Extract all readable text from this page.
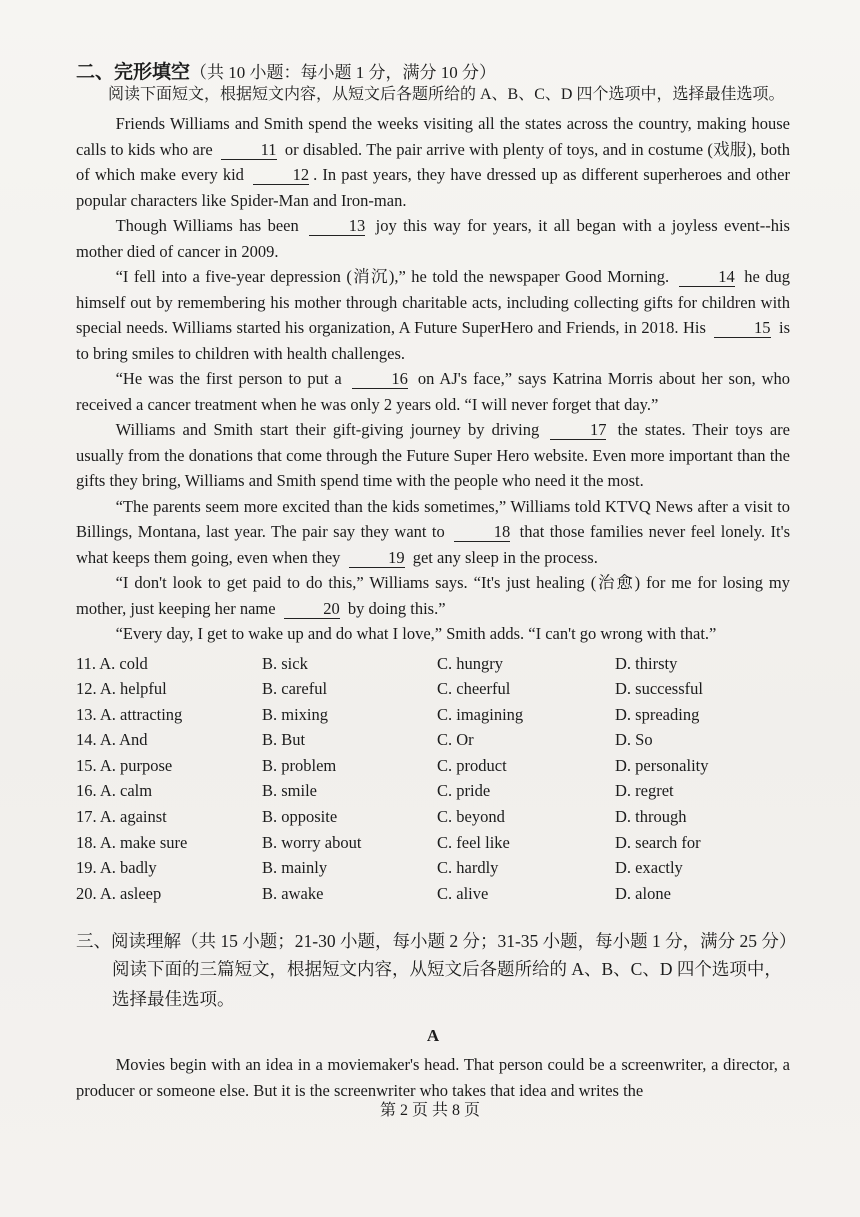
二、完形填空（共 10 小题：每小题 1 分，满分 10 分）

阅读下面短文，根据短文内容，从短文后各题所给的 A、B、C、D 四个选项中，选择最佳选项。

Friends Williams and Smith spend the weeks visiting all the states across the country, making house calls to kids who are	11 or disabled. The pair arrive with plenty of toys, and in costume (戏服), both of which make every kid	12 . In past years, they have dressed up as different superheroes and other popular characters like Spider-Man and Iron-man.

Though Williams has been	13 joy this way for years, it all began with a joyless event--his mother died of cancer in 2009.

“I fell into a five-year depression (消沉),” he told the newspaper Good Morning.	14 he dug himself out by remembering his mother through charitable acts, including collecting gifts for children with special needs. Williams started his organization, A Future SuperHero and Friends, in 2018. His	15 is to bring smiles to children with health challenges.

“He was the first person to put a	16 on AJ's face,” says Katrina Morris about her son, who received a cancer treatment when he was only 2 years old. “I will never forget that day.”

Williams and Smith start their gift-giving journey by driving	17 the states. Their toys are usually from the donations that come through the Future Super Hero website. Even more important than the gifts they bring, Williams and Smith spend time with the people who need it the most.

“The parents seem more excited than the kids sometimes,” Williams told KTVQ News after a visit to Billings, Montana, last year. The pair say they want to	18 that those families never feel lonely. It's what keeps them going, even when they	19 get any sleep in the process.

“I don't look to get paid to do this,” Williams says. “It's just healing (治愈) for me for losing my mother, just keeping her name	20 by doing this.”

“Every day, I get to wake up and do what I love,” Smith adds. “I can't go wrong with that.”

11. A. cold	B. sick	C. hungry	D. thirsty
12. A. helpful	B. careful	C. cheerful	D. successful
13. A. attracting	B. mixing	C. imagining	D. spreading
14. A. And	B. But	C. Or	D. So
15. A. purpose	B. problem	C. product	D. personality
16. A. calm	B. smile	C. pride	D. regret
17. A. against	B. opposite	C. beyond	D. through
18. A. make sure	B. worry about	C. feel like	D. search for
19. A. badly	B. mainly	C. hardly	D. exactly
20. A. asleep	B. awake	C. alive	D. alone

三、阅读理解（共 15 小题；21-30 小题，每小题 2 分；31-35 小题，每小题 1 分，满分 25 分）

阅读下面的三篇短文，根据短文内容，从短文后各题所给的 A、B、C、D 四个选项中，选择最佳选项。

A

Movies begin with an idea in a moviemaker's head. That person could be a screenwriter, a director, a producer or someone else. But it is the screenwriter who takes that idea and writes the

第 2 页 共 8 页
